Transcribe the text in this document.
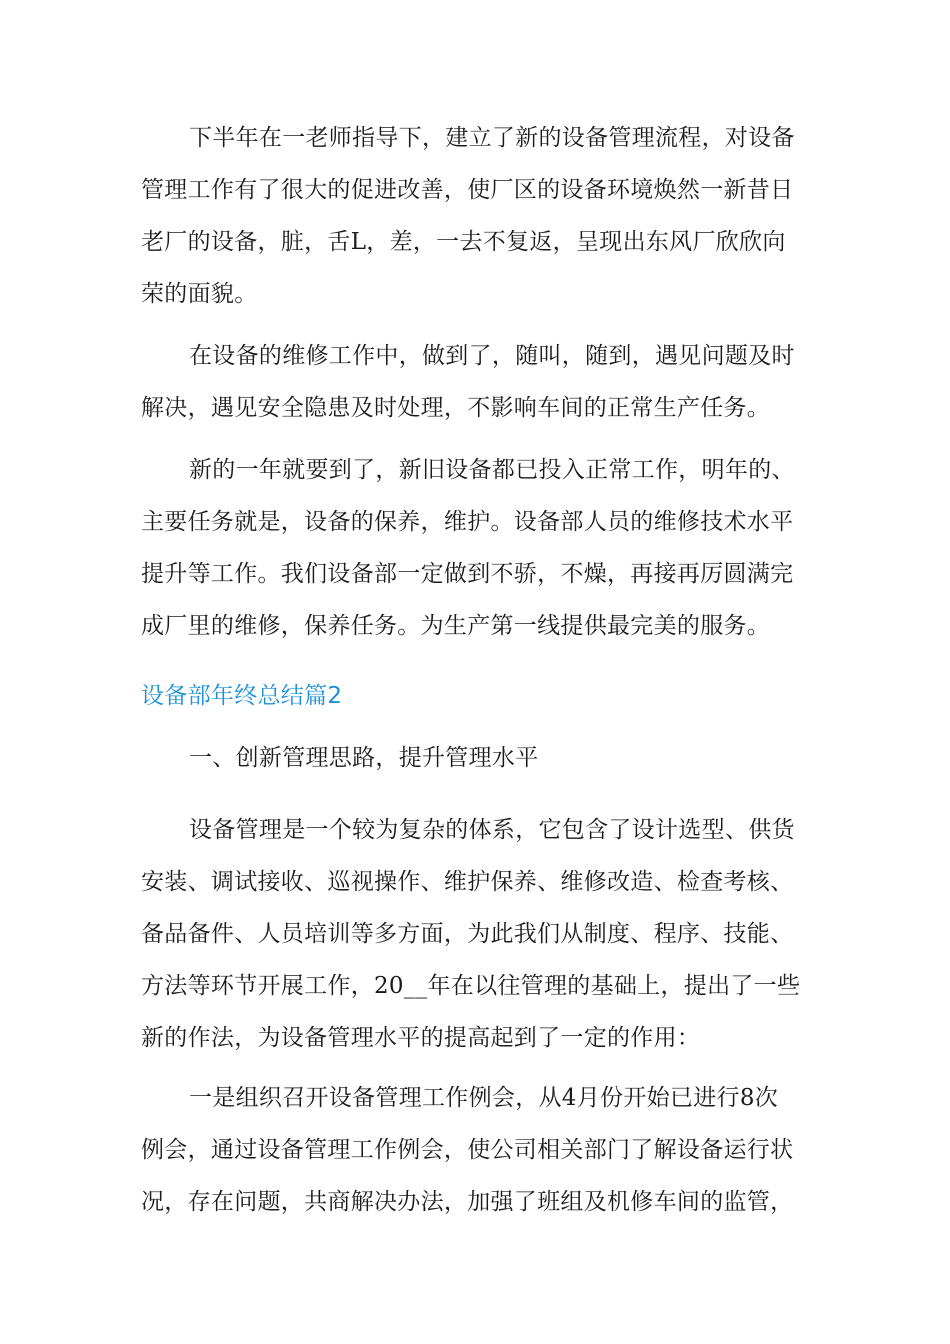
下半年在一老师指导下，建立了新的设备管理流程，对设备
管理工作有了很大的促进改善，使厂区的设备环境焕然一新昔日
老厂的设备，脏，舌L，差，一去不复返，呈现出东风厂欣欣向
荣的面貌。

在设备的维修工作中，做到了，随叫，随到，遇见问题及时
解决，遇见安全隐患及时处理，不影响车间的正常生产任务。

新的一年就要到了，新旧设备都已投入正常工作，明年的、
主要任务就是，设备的保养，维护。设备部人员的维修技术水平
提升等工作。我们设备部一定做到不骄，不燥，再接再厉圆满完
成厂里的维修，保养任务。为生产第一线提供最完美的服务。

设备部年终总结篇2

一、创新管理思路，提升管理水平

设备管理是一个较为复杂的体系，它包含了设计选型、供货
安装、调试接收、巡视操作、维护保养、维修改造、检查考核、
备品备件、人员培训等多方面，为此我们从制度、程序、技能、
方法等环节开展工作，20__年在以往管理的基础上，提出了一些
新的作法，为设备管理水平的提高起到了一定的作用：

一是组织召开设备管理工作例会，从4月份开始已进行8次
例会，通过设备管理工作例会，使公司相关部门了解设备运行状
况，存在问题，共商解决办法，加强了班组及机修车间的监管，
